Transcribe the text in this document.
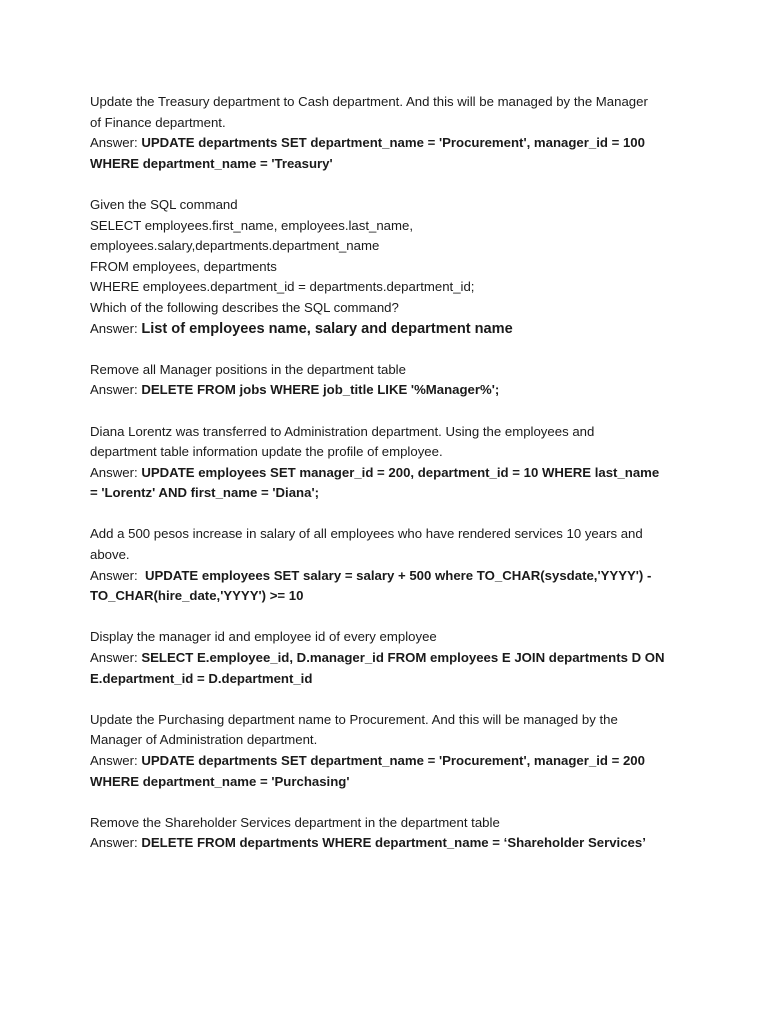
Update the Treasury department to Cash department. And this will be managed by the Manager
of Finance department.
Answer: UPDATE departments SET department_name = 'Procurement', manager_id = 100
WHERE department_name = 'Treasury'
Given the SQL command
SELECT employees.first_name, employees.last_name,
employees.salary,departments.department_name
FROM employees, departments
WHERE employees.department_id = departments.department_id;
Which of the following describes the SQL command?
Answer: List of employees name, salary and department name
Remove all Manager positions in the department table
Answer: DELETE FROM jobs WHERE job_title LIKE '%Manager%';
Diana Lorentz was transferred to Administration department. Using the employees and
department table information update the profile of employee.
Answer: UPDATE employees SET manager_id = 200, department_id = 10 WHERE last_name
= 'Lorentz' AND first_name = 'Diana';
Add a 500 pesos increase in salary of all employees who have rendered services 10 years and
above.
Answer:  UPDATE employees SET salary = salary + 500 where TO_CHAR(sysdate,'YYYY') -
TO_CHAR(hire_date,'YYYY') >= 10
Display the manager id and employee id of every employee
Answer: SELECT E.employee_id, D.manager_id FROM employees E JOIN departments D ON
E.department_id = D.department_id
Update the Purchasing department name to Procurement. And this will be managed by the
Manager of Administration department.
Answer: UPDATE departments SET department_name = 'Procurement', manager_id = 200
WHERE department_name = 'Purchasing'
Remove the Shareholder Services department in the department table
Answer: DELETE FROM departments WHERE department_name = ‘Shareholder Services’
